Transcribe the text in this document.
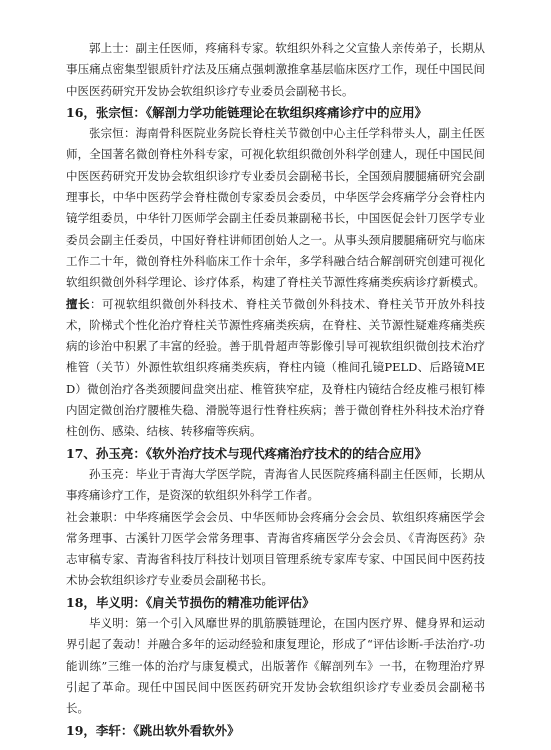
郭上士：副主任医师，疼痛科专家。软组织外科之父宣蛰人亲传弟子，长期从事压痛点密集型银质针疗法及压痛点强刺激推拿基层临床医疗工作，现任中国民间中医医药研究开发协会软组织诊疗专业委员会副秘书长。

16，张宗恒：《解剖力学功能链理论在软组织疼痛诊疗中的应用》

张宗恒：海南骨科医院业务院长脊柱关节微创中心主任学科带头人，副主任医师，全国著名微创脊柱外科专家，可视化软组织微创外科学创建人，现任中国民间中医医药研究开发协会软组织诊疗专业委员会副秘书长，全国颈肩腰腿痛研究会副理事长，中华中医药学会脊柱微创专家委员会委员，中华医学会疼痛学分会脊柱内镜学组委员，中华针刀医师学会副主任委员兼副秘书长，中国医促会针刀医学专业委员会副主任委员，中国好脊柱讲师团创始人之一。从事头颈肩腰腿痛研究与临床工作二十年，微创脊柱外科临床工作十余年，多学科融合结合解剖研究创建可视化软组织微创外科学理论、诊疗体系，构建了脊柱关节源性疼痛类疾病诊疗新模式。擅长：可视软组织微创外科技术、脊柱关节微创外科技术、脊柱关节开放外科技术，阶梯式个性化治疗脊柱关节源性疼痛类疾病，在脊柱、关节源性疑难疼痛类疾病的诊治中积累了丰富的经验。善于肌骨超声等影像引导可视软组织微创技术治疗椎管（关节）外源性软组织疼痛类疾病，脊柱内镜（椎间孔镜PELD、后路镜MED）微创治疗各类颈腰间盘突出症、椎管狭窄症，及脊柱内镜结合经皮椎弓根钉棒内固定微创治疗腰椎失稳、滑脱等退行性脊柱疾病；善于微创脊柱外科技术治疗脊柱创伤、感染、结核、转移瘤等疾病。

17、孙玉亮：《软外治疗技术与现代疼痛治疗技术的的结合应用》

孙玉亮：毕业于青海大学医学院，青海省人民医院疼痛科副主任医师，长期从事疼痛诊疗工作，是资深的软组织外科学工作者。

社会兼职：中华疼痛医学会会员、中华医师协会疼痛分会会员、软组织疼痛医学会常务理事、古溪针刀医学会常务理事、青海省疼痛医学分会会员、《青海医药》杂志审稿专家、青海省科技厅科技计划项目管理系统专家库专家、中国民间中医药技术协会软组织诊疗专业委员会副秘书长。

18，毕义明：《肩关节损伤的精准功能评估》

毕义明：第一个引入风靡世界的肌筋膜链理论，在国内医疗界、健身界和运动界引起了轰动！并融合多年的运动经验和康复理论，形成了“评估诊断-手法治疗-功能训练”三维一体的治疗与康复模式，出版著作《解剖列车》一书，在物理治疗界引起了革命。现任中国民间中医医药研究开发协会软组织诊疗专业委员会副秘书长。

19，李轩：《跳出软外看软外》
